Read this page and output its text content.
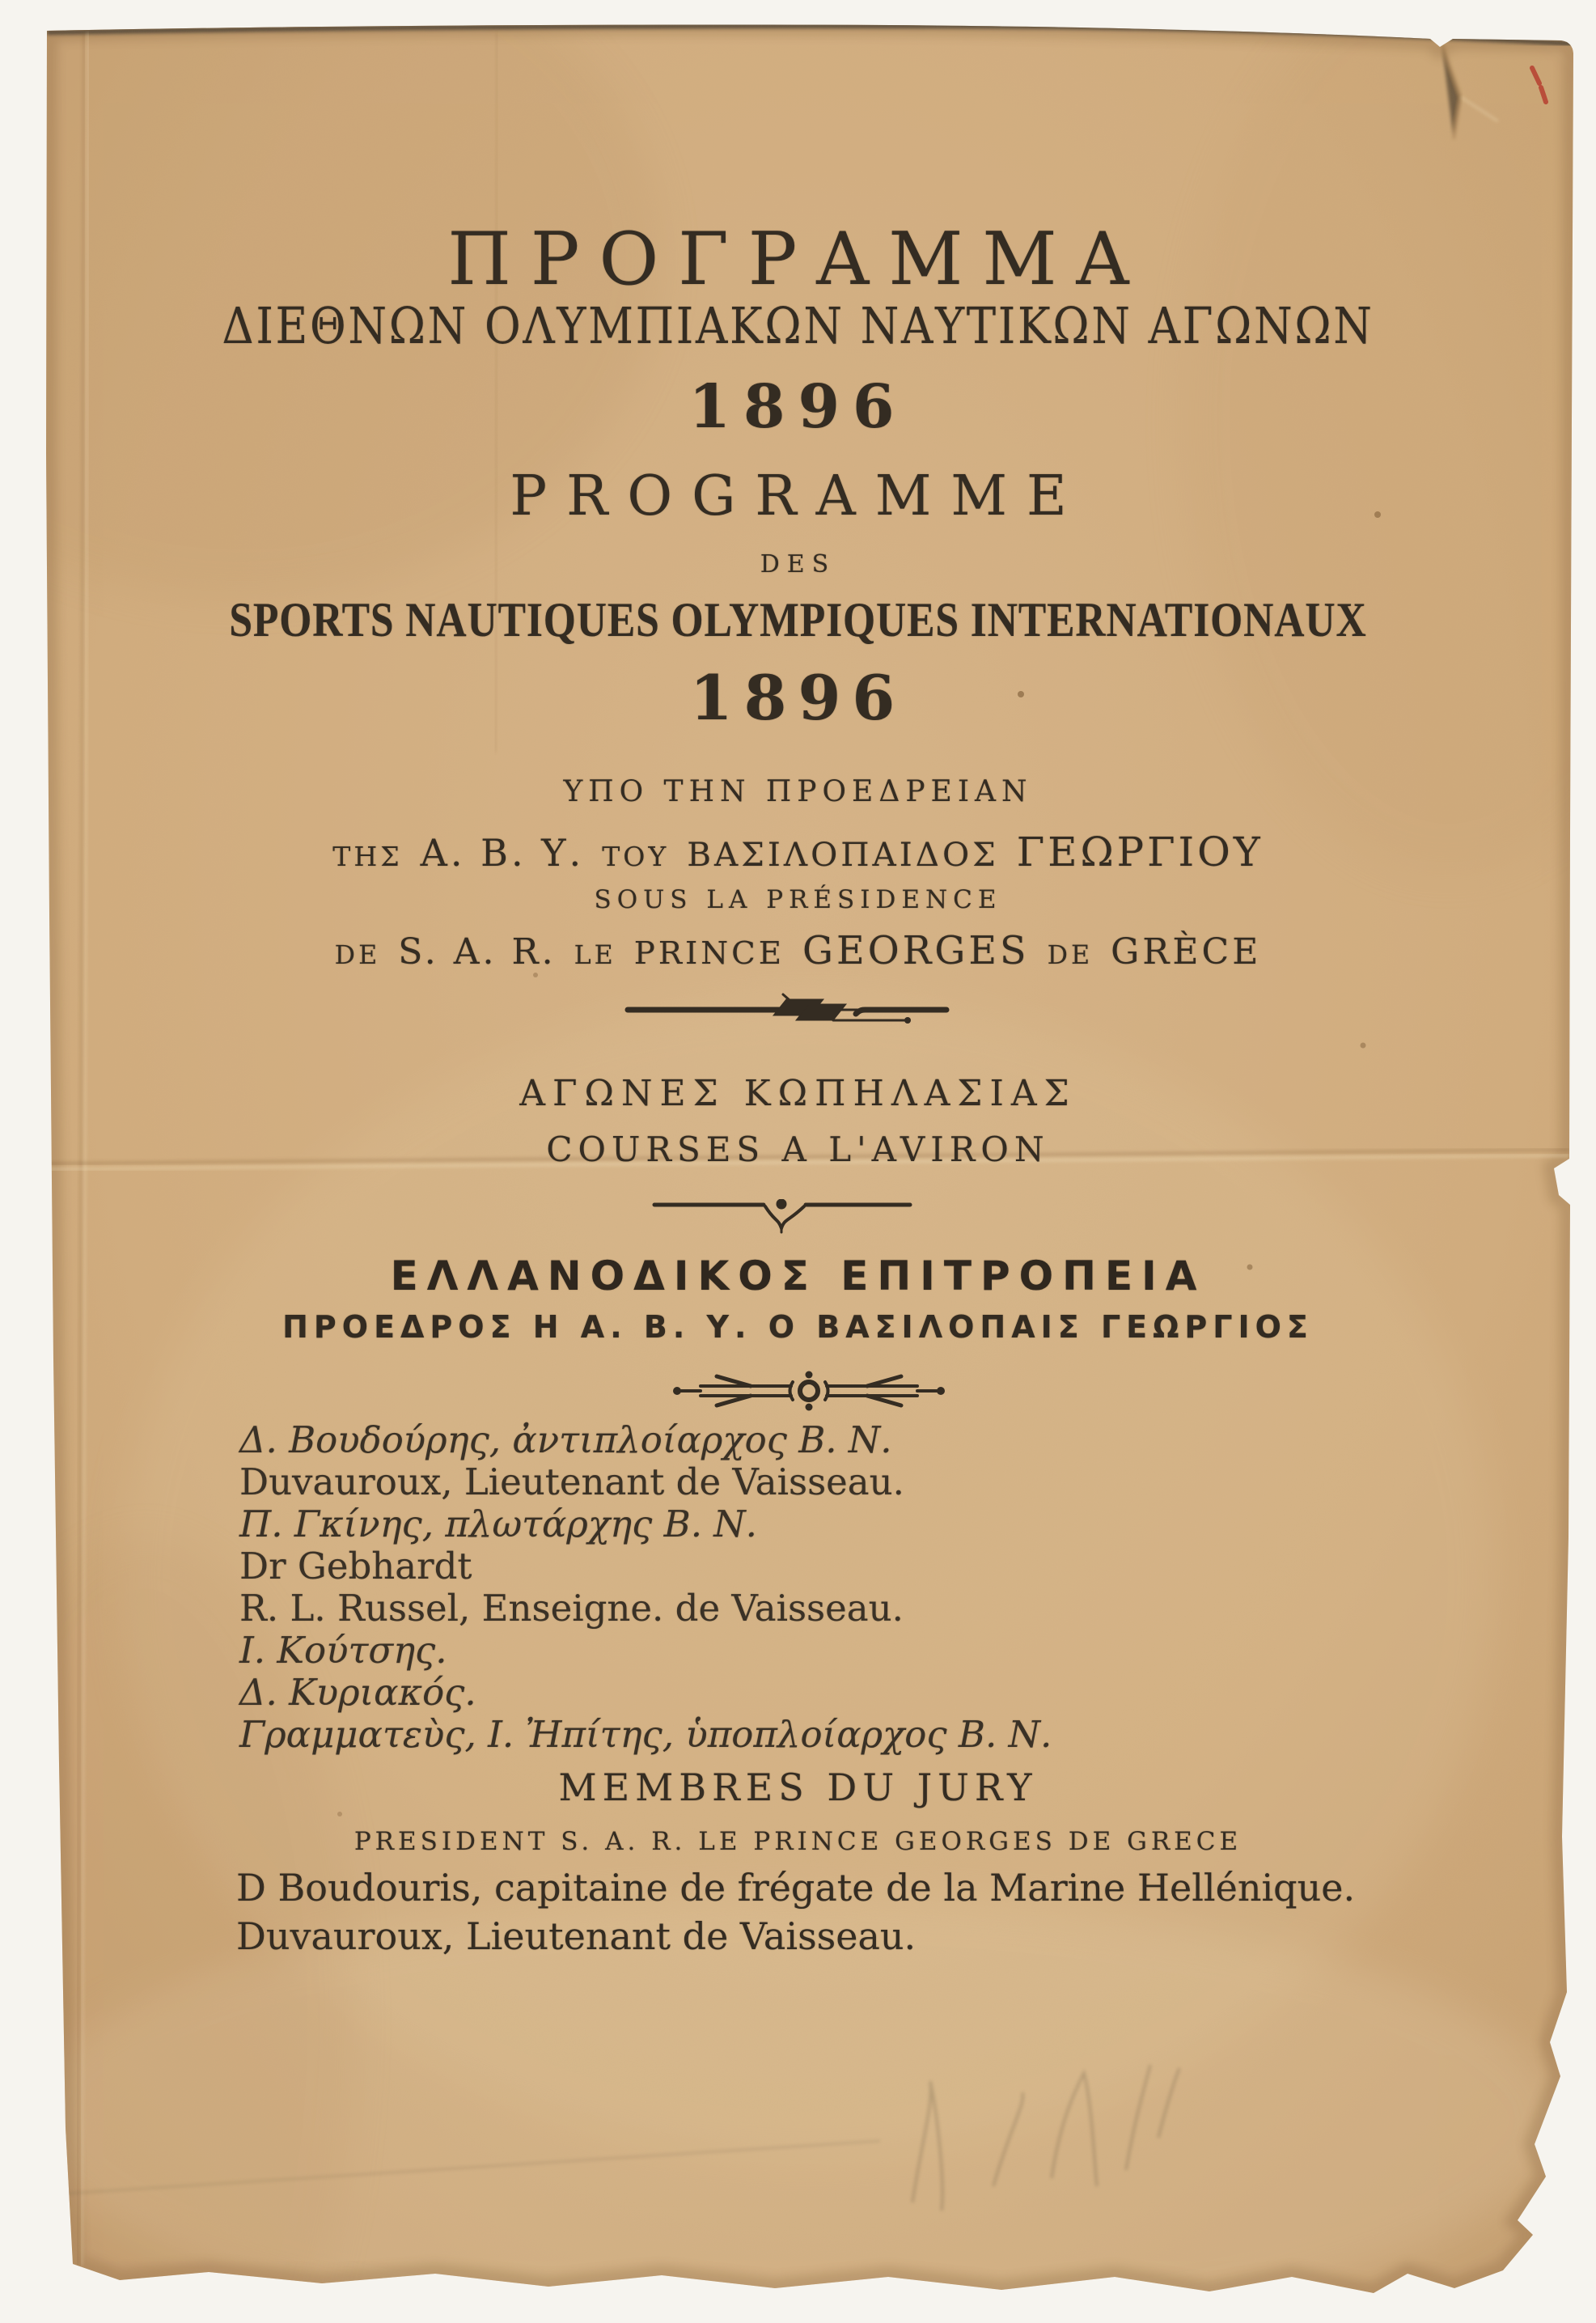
ΠΡΟΓΡΑΜΜΑ
ΔΙΕΘΝΩΝ ΟΛΥΜΠΙΑΚΩΝ ΝΑΥΤΙΚΩΝ ΑΓΩΝΩΝ
1896
PROGRAMME
DES
SPORTS NAUTIQUES OLYMPIQUES INTERNATIONAUX
1896
ΥΠΟ ΤΗΝ ΠΡΟΕΔΡΕΙΑΝ
ΤΗΣ Α. Β. Υ. ΤΟΥ ΒΑΣΙΛΟΠΑΙΔΟΣ ΓΕΩΡΓΙΟΥ
SOUS LA PRÉSIDENCE
DE S. A. R. LE PRINCE GEORGES DE GRÈCE
ΑΓΩΝΕΣ ΚΩΠΗΛΑΣΙΑΣ
COURSES A L'AVIRON
ΕΛΛΑΝΟΔΙΚΟΣ ΕΠΙΤΡΟΠΕΙΑ
ΠΡΟΕΔΡΟΣ Η Α. Β. Υ. Ο ΒΑΣΙΛΟΠΑΙΣ ΓΕΩΡΓΙΟΣ
Δ. Βουδούρης, ἀντιπλοίαρχος Β. Ν.
Duvauroux, Lieutenant de Vaisseau.
Π. Γκίνης, πλωτάρχης Β. Ν.
Dr Gebhardt
R. L. Russel, Enseigne. de Vaisseau.
Ι. Κούτσης.
Δ. Κυριακός.
Γραμματεὺς, Ι. Ἠπίτης, ὑποπλοίαρχος Β. Ν.
MEMBRES DU JURY
PRESIDENT S. A. R. LE PRINCE GEORGES DE GRECE
D Boudouris, capitaine de frégate de la Marine Hellénique.
Duvauroux, Lieutenant de Vaisseau.
